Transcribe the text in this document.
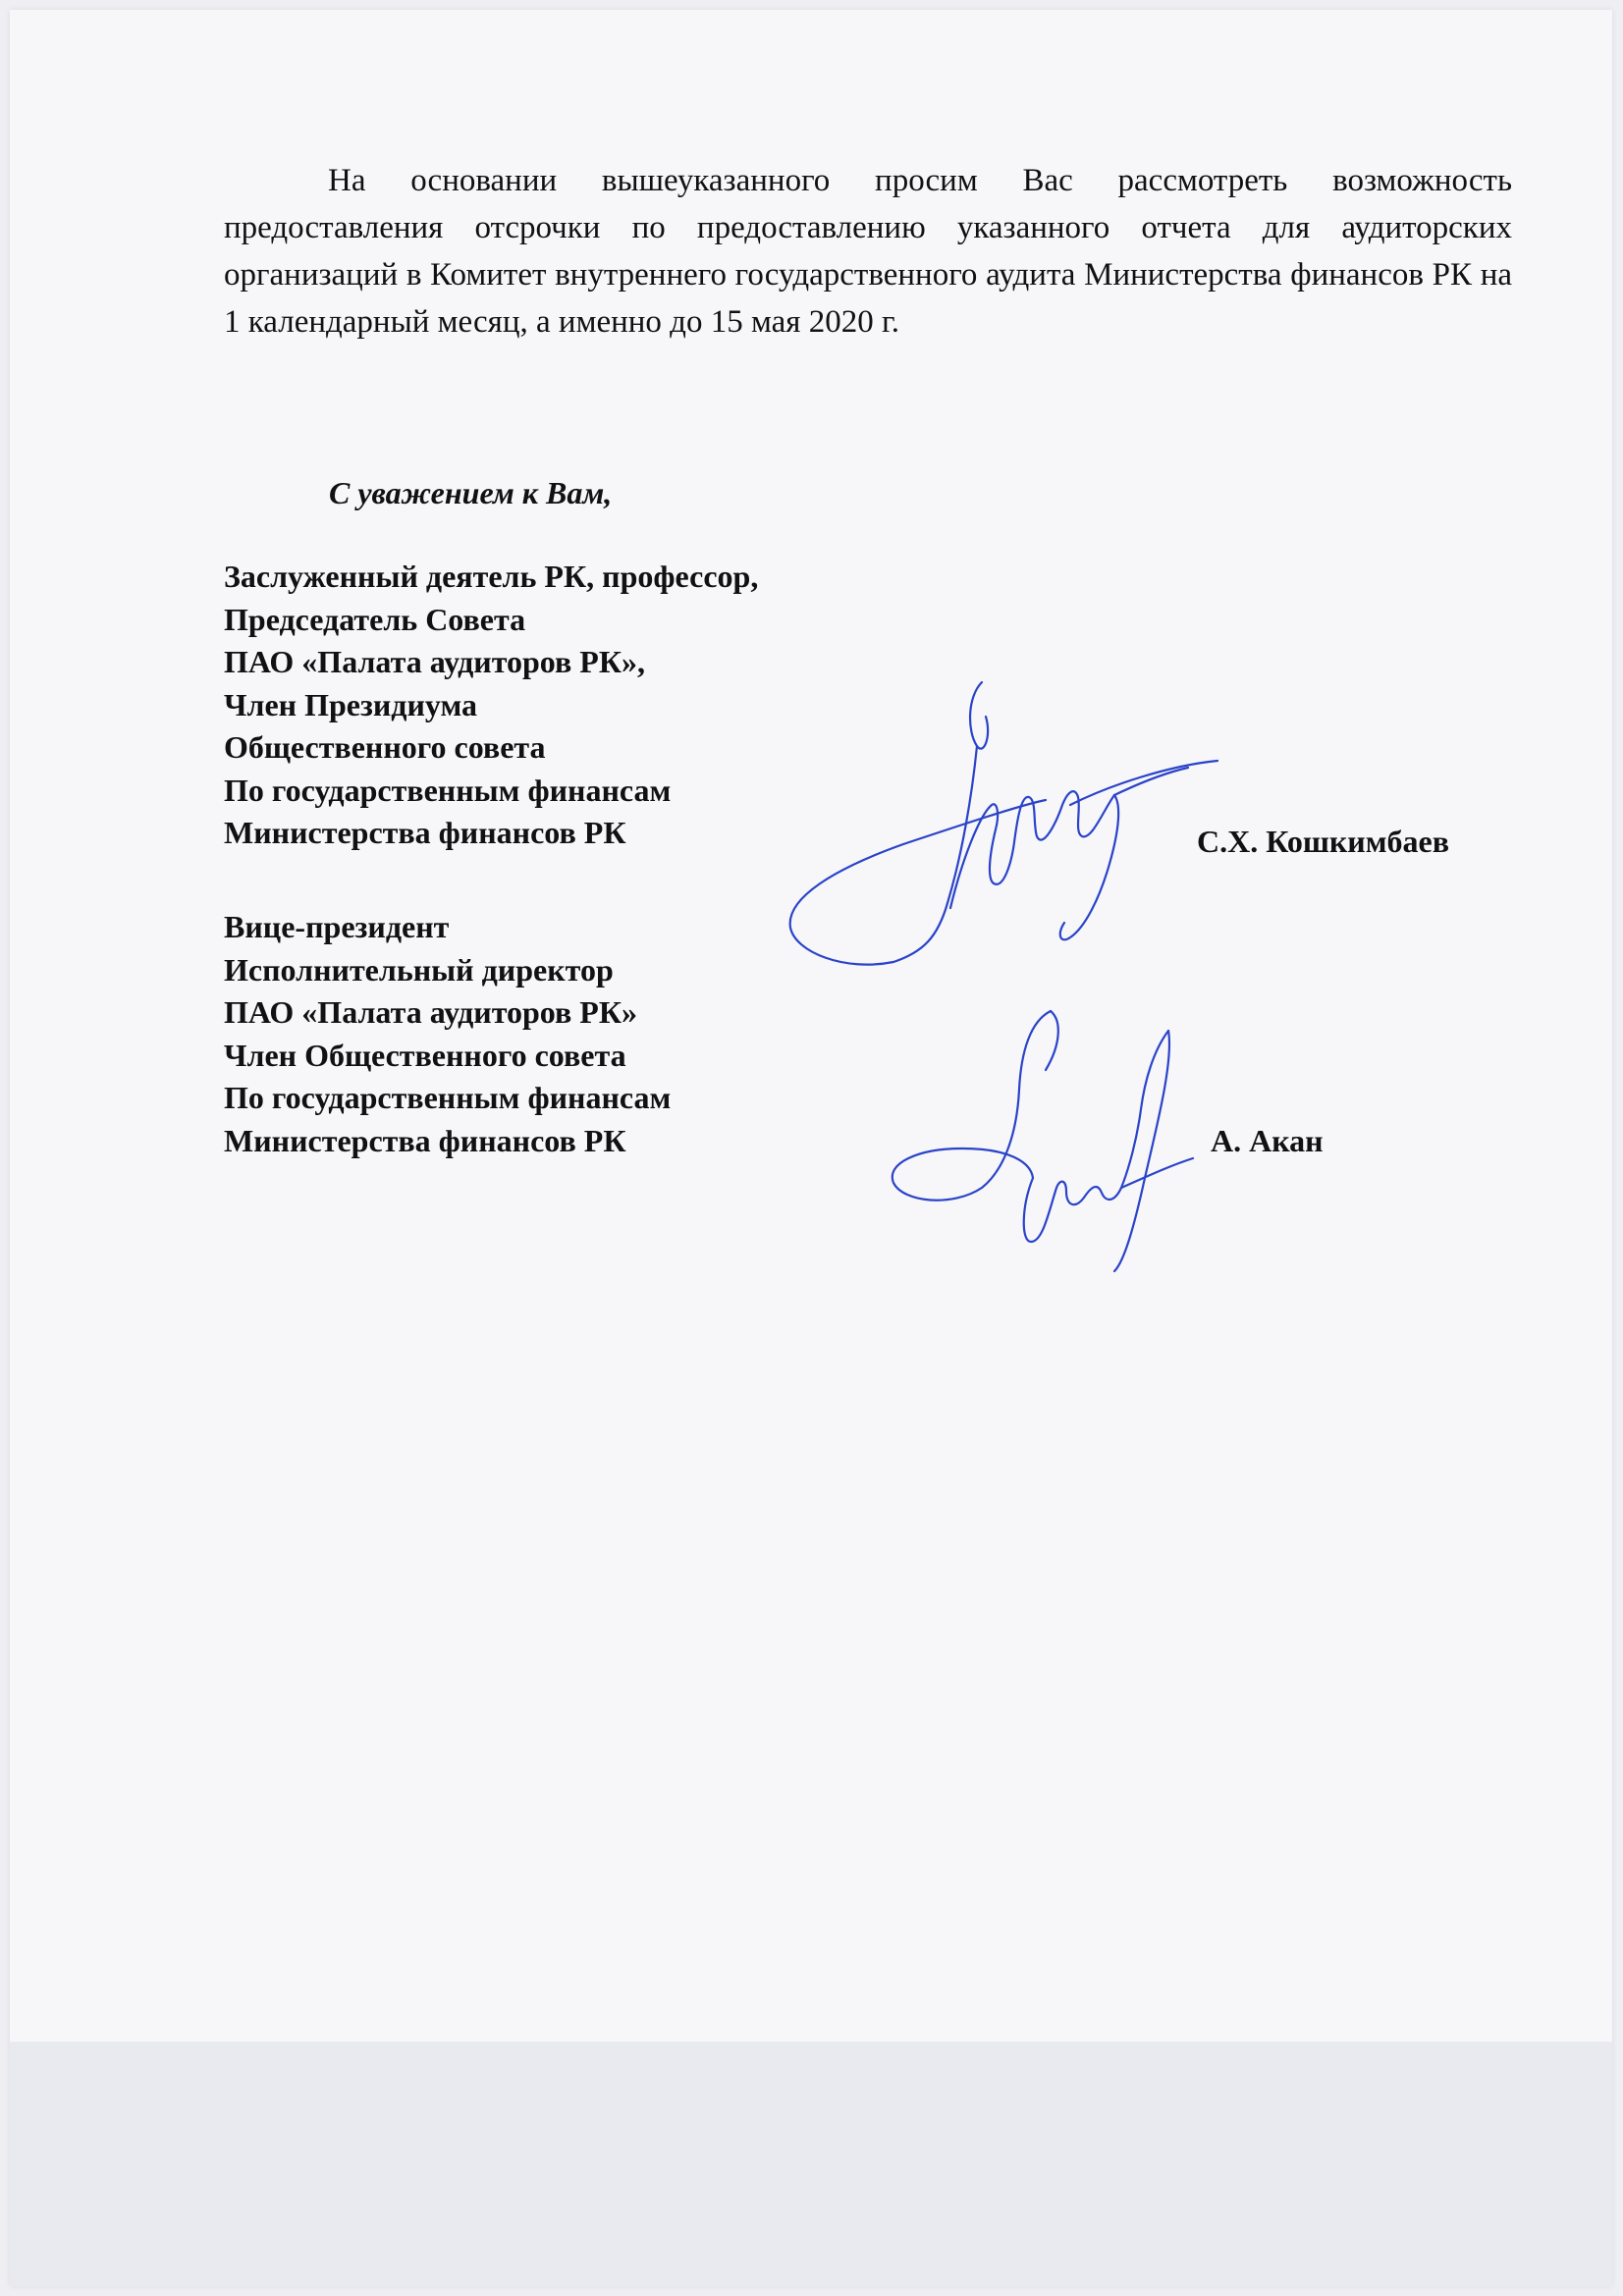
На основании вышеуказанного просим Вас рассмотреть возможность предоставления отсрочки по предоставлению указанного отчета для аудиторских организаций в Комитет внутреннего государственного аудита Министерства финансов РК на 1 календарный месяц, а именно до 15 мая 2020 г.

С уважением к Вам,

Заслуженный деятель РК, профессор,
Председатель Совета
ПАО «Палата аудиторов РК»,
Член Президиума
Общественного совета
По государственным финансам
Министерства финансов РК	С.Х. Кошкимбаев
Вице-президент
Исполнительный директор
ПАО «Палата аудиторов РК»
Член Общественного совета
По государственным финансам
Министерства финансов РК	А. Акан
